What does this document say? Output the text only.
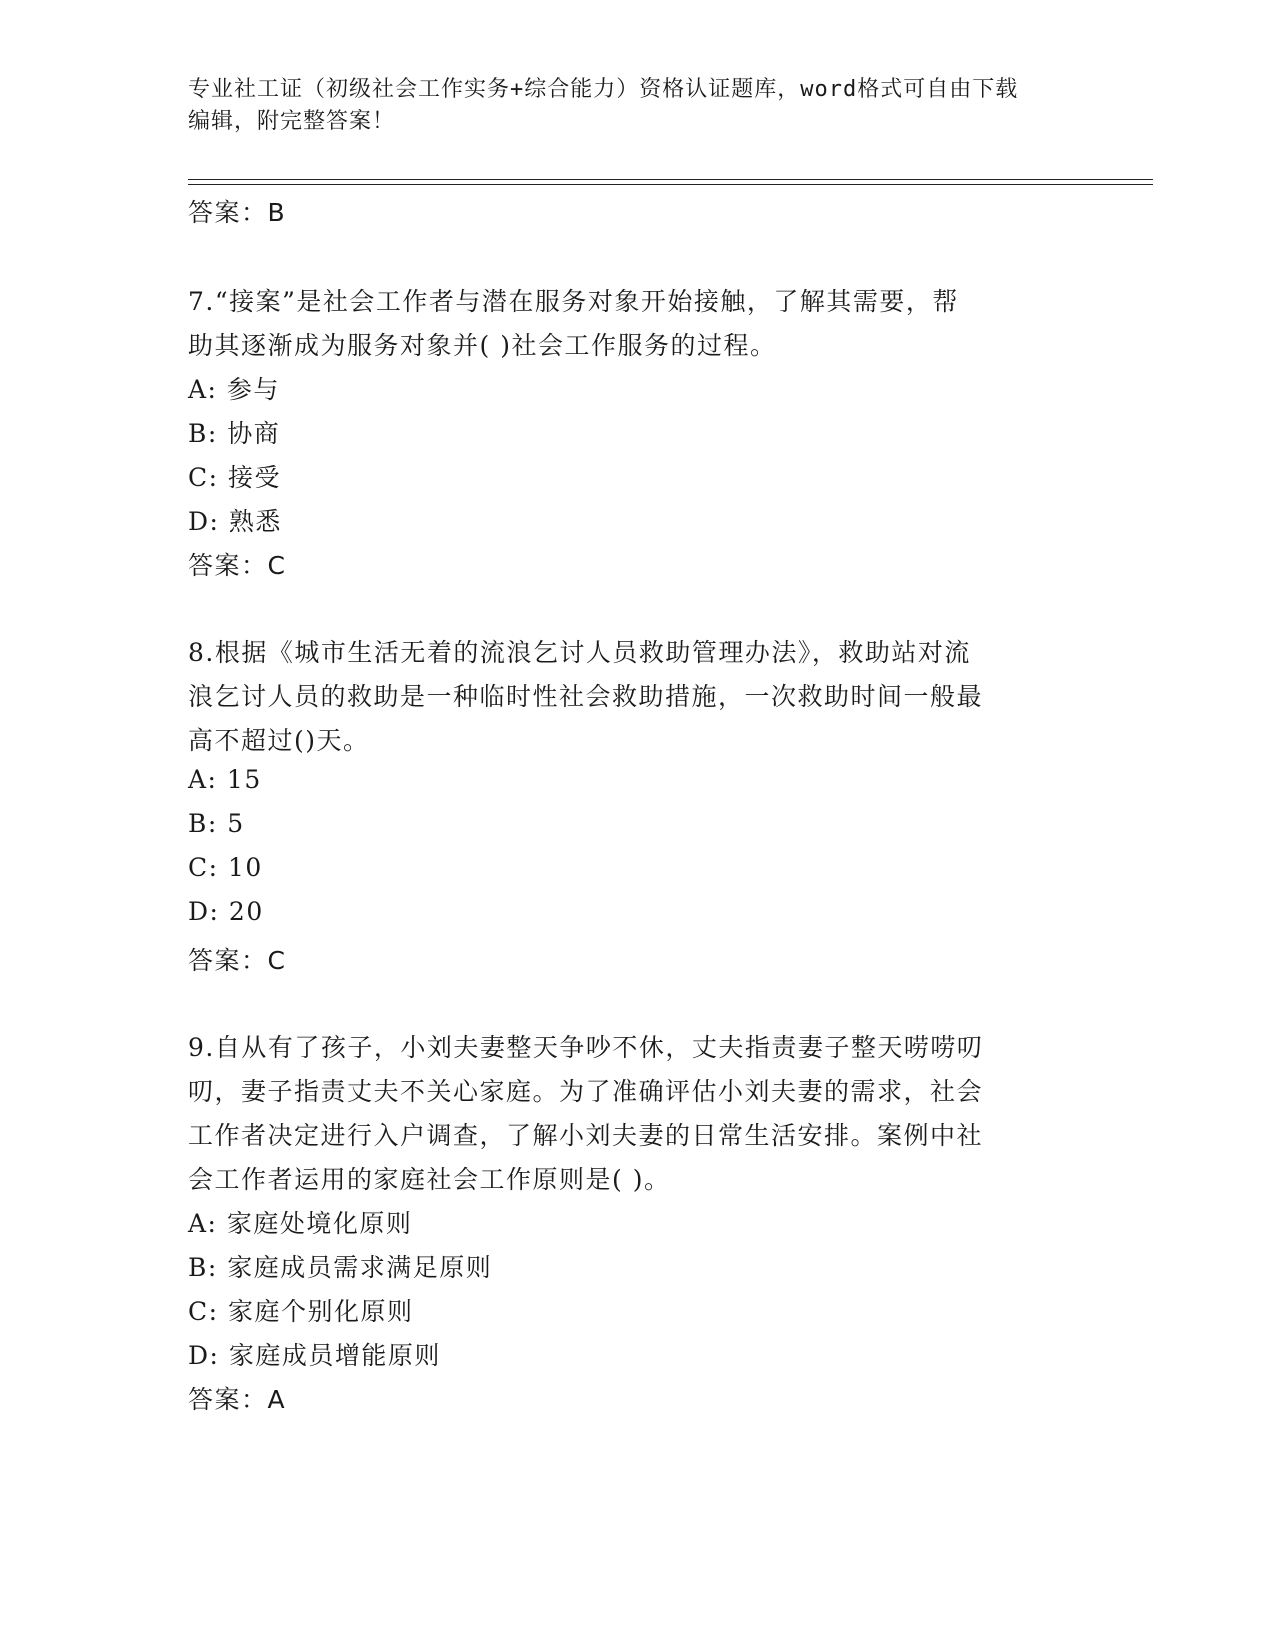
专业社工证（初级社会工作实务+综合能力）资格认证题库，word格式可自由下载
编辑，附完整答案！
答案：B
7.“接案”是社会工作者与潜在服务对象开始接触，了解其需要，帮
助其逐渐成为服务对象并( )社会工作服务的过程。
A: 参与
B: 协商
C: 接受
D: 熟悉
答案：C
8.根据《城市生活无着的流浪乞讨人员救助管理办法》，救助站对流
浪乞讨人员的救助是一种临时性社会救助措施，一次救助时间一般最
高不超过()天。
A: 15
B: 5
C: 10
D: 20
答案：C
9.自从有了孩子，小刘夫妻整天争吵不休，丈夫指责妻子整天唠唠叨
叨，妻子指责丈夫不关心家庭。为了准确评估小刘夫妻的需求，社会
工作者决定进行入户调查，了解小刘夫妻的日常生活安排。案例中社
会工作者运用的家庭社会工作原则是( )。
A: 家庭处境化原则
B: 家庭成员需求满足原则
C: 家庭个别化原则
D: 家庭成员增能原则
答案：A
